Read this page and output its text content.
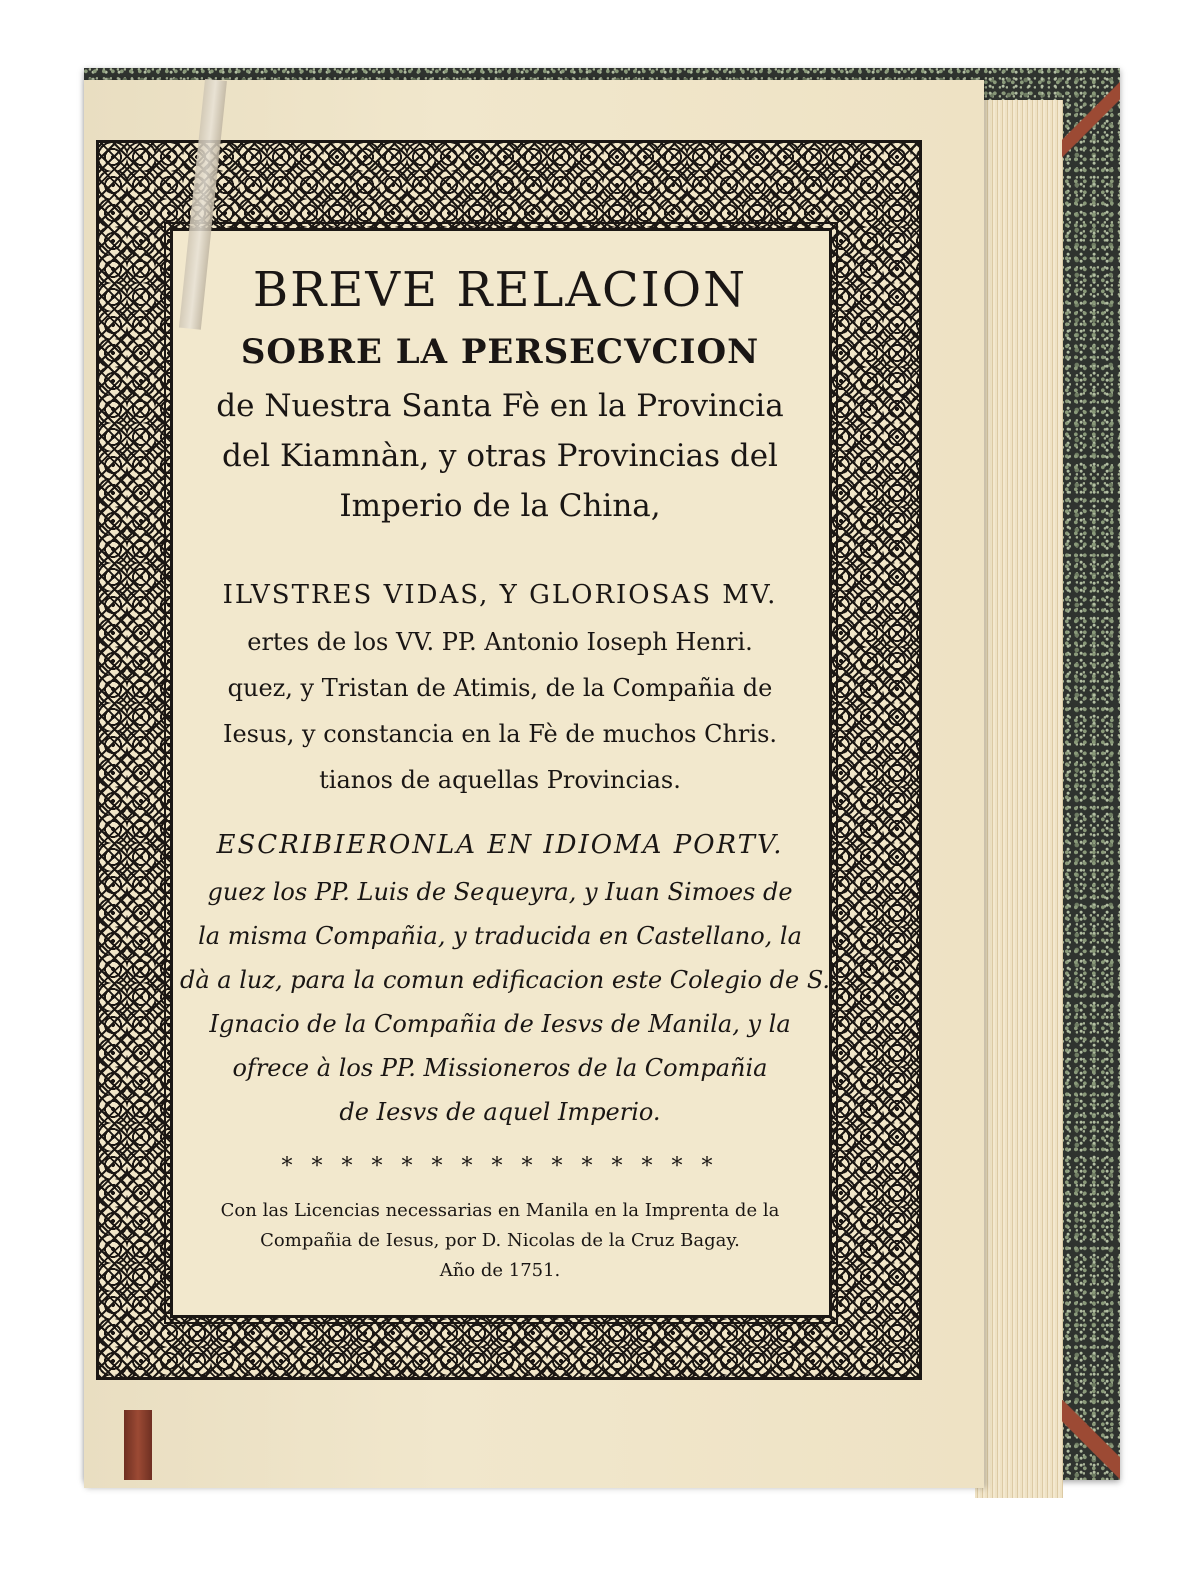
BREVE RELACION
SOBRE LA PERSECVCION
de Nuestra Santa Fè en la Provincia
del Kiamnàn, y otras Provincias del
Imperio de la China,
ILVSTRES VIDAS, Y GLORIOSAS MV.
ertes de los VV. PP. Antonio Ioseph Henri.
quez, y Tristan de Atimis, de la Compañia de
Iesus, y constancia en la Fè de muchos Chris.
tianos de aquellas Provincias.
ESCRIBIERONLA EN IDIOMA PORTV.
guez los PP. Luis de Sequeyra, y Iuan Simoes de
la misma Compañia, y traducida en Castellano, la
dà a luz, para la comun edificacion este Colegio de S.
Ignacio de la Compañia de Iesvs de Manila, y la
ofrece à los PP. Missioneros de la Compañia
de Iesvs de aquel Imperio.
* * * * * * * * * * * * * * *
Con las Licencias necessarias en Manila en la Imprenta de la
Compañia de Iesus, por D. Nicolas de la Cruz Bagay.
Año de 1751.
